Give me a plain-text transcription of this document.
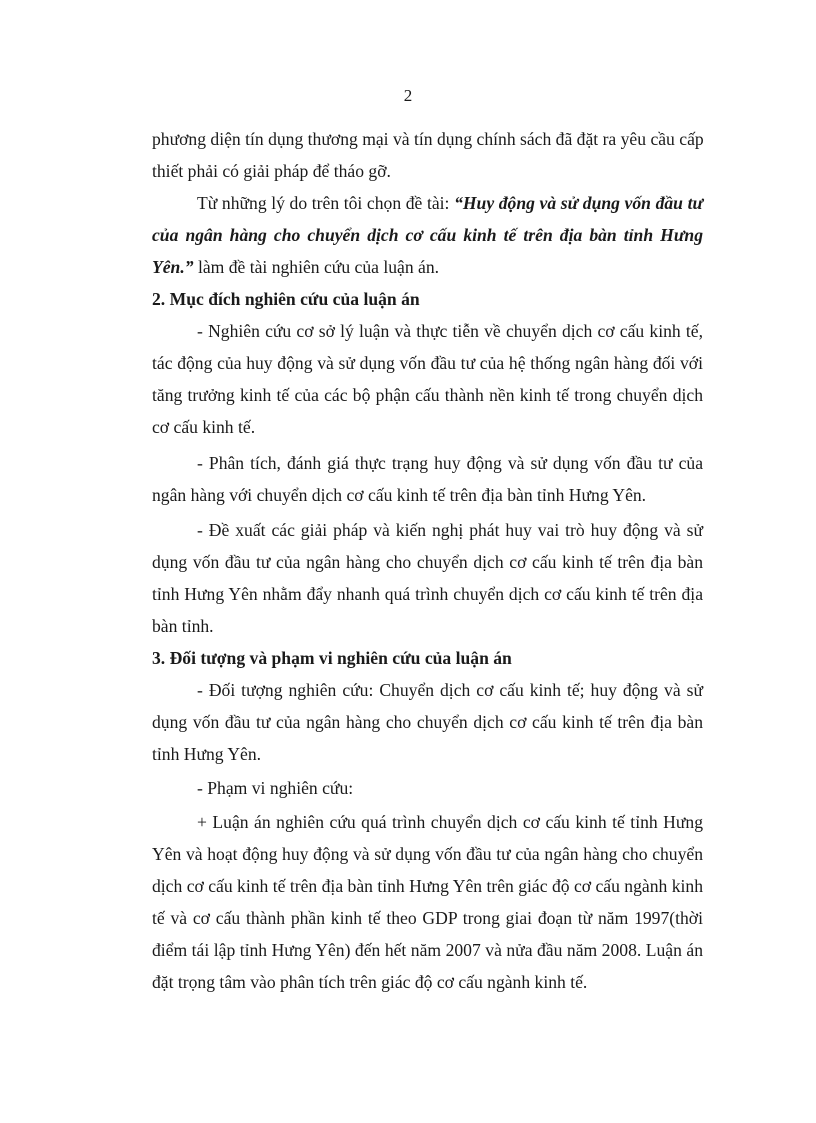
2

phương diện tín dụng thương mại và tín dụng chính sách đã đặt ra yêu cầu cấp

thiết phải có giải pháp để tháo gỡ.

Từ những lý do trên tôi chọn đề tài: “Huy động và sử dụng vốn đầu tư

của ngân hàng cho chuyển dịch cơ cấu kinh tế trên địa bàn tỉnh Hưng

Yên.” làm đề tài nghiên cứu của luận án.

2. Mục đích nghiên cứu của luận án

- Nghiên cứu cơ sở lý luận và thực tiễn về chuyển dịch cơ cấu kinh tế,

tác động của huy động và sử dụng vốn đầu tư của hệ thống ngân hàng đối với

tăng trưởng kinh tế của các bộ phận cấu thành nền kinh tế trong chuyển dịch

cơ cấu kinh tế.

- Phân tích, đánh giá thực trạng huy động và sử dụng vốn đầu tư của

ngân hàng với chuyển dịch cơ cấu kinh tế trên địa bàn tỉnh Hưng Yên.

- Đề xuất các giải pháp và kiến nghị phát huy vai trò huy động và sử

dụng vốn đầu tư của ngân hàng cho chuyển dịch cơ cấu kinh tế trên địa bàn

tỉnh Hưng Yên nhằm đẩy nhanh quá trình chuyển dịch cơ cấu kinh tế trên địa

bàn tỉnh.

3. Đối tượng và phạm vi nghiên cứu của luận án

- Đối tượng nghiên cứu: Chuyển dịch cơ cấu kinh tế; huy động và sử

dụng vốn đầu tư của ngân hàng cho chuyển dịch cơ cấu kinh tế trên địa bàn

tỉnh Hưng Yên.

- Phạm vi nghiên cứu:

+ Luận án nghiên cứu quá trình chuyển dịch cơ cấu kinh tế tỉnh Hưng

Yên và hoạt động huy động và sử dụng vốn đầu tư của ngân hàng cho chuyển

dịch cơ cấu kinh tế trên địa bàn tỉnh Hưng Yên trên giác độ cơ cấu ngành kinh

tế và cơ cấu thành phần kinh tế theo GDP trong giai đoạn từ năm 1997(thời

điểm tái lập tỉnh Hưng Yên) đến hết năm 2007 và nửa đầu năm 2008. Luận án

đặt trọng tâm vào phân tích trên giác độ cơ cấu ngành kinh tế.
